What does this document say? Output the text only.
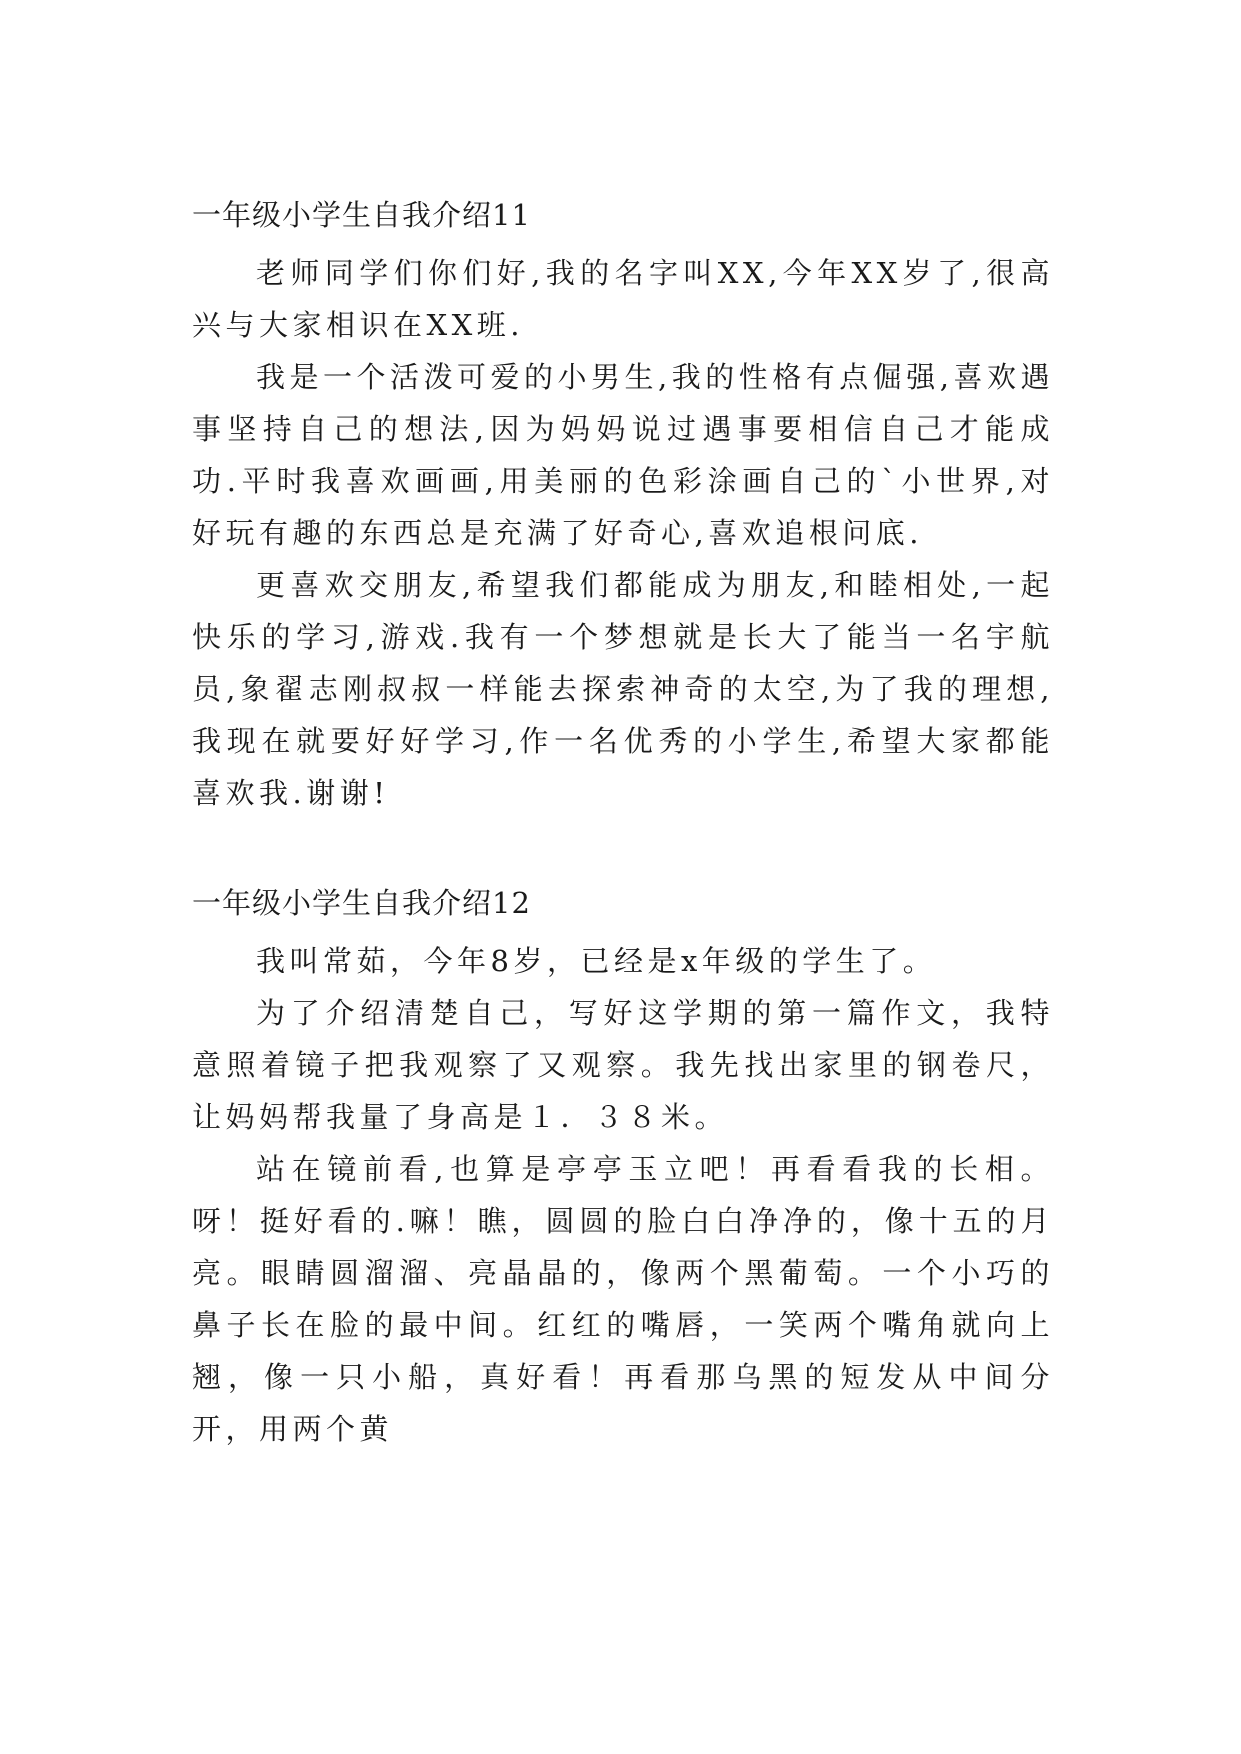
一年级小学生自我介绍11

老师同学们你们好,我的名字叫XX,今年XX岁了,很高兴与大家相识在XX班.

我是一个活泼可爱的小男生,我的性格有点倔强,喜欢遇事坚持自己的想法,因为妈妈说过遇事要相信自己才能成功.平时我喜欢画画,用美丽的色彩涂画自己的`小世界,对好玩有趣的东西总是充满了好奇心,喜欢追根问底.

更喜欢交朋友,希望我们都能成为朋友,和睦相处,一起快乐的学习,游戏.我有一个梦想就是长大了能当一名宇航员,象翟志刚叔叔一样能去探索神奇的太空,为了我的理想,我现在就要好好学习,作一名优秀的小学生,希望大家都能喜欢我.谢谢!

一年级小学生自我介绍12

我叫常茹，今年8岁，已经是x年级的学生了。

为了介绍清楚自己，写好这学期的第一篇作文，我特意照着镜子把我观察了又观察。我先找出家里的钢卷尺，让妈妈帮我量了身高是１．３８米。

站在镜前看,也算是亭亭玉立吧！再看看我的长相。呀！挺好看的.嘛！瞧，圆圆的脸白白净净的，像十五的月亮。眼睛圆溜溜、亮晶晶的，像两个黑葡萄。一个小巧的鼻子长在脸的最中间。红红的嘴唇，一笑两个嘴角就向上翘，像一只小船，真好看！再看那乌黑的短发从中间分开，用两个黄
